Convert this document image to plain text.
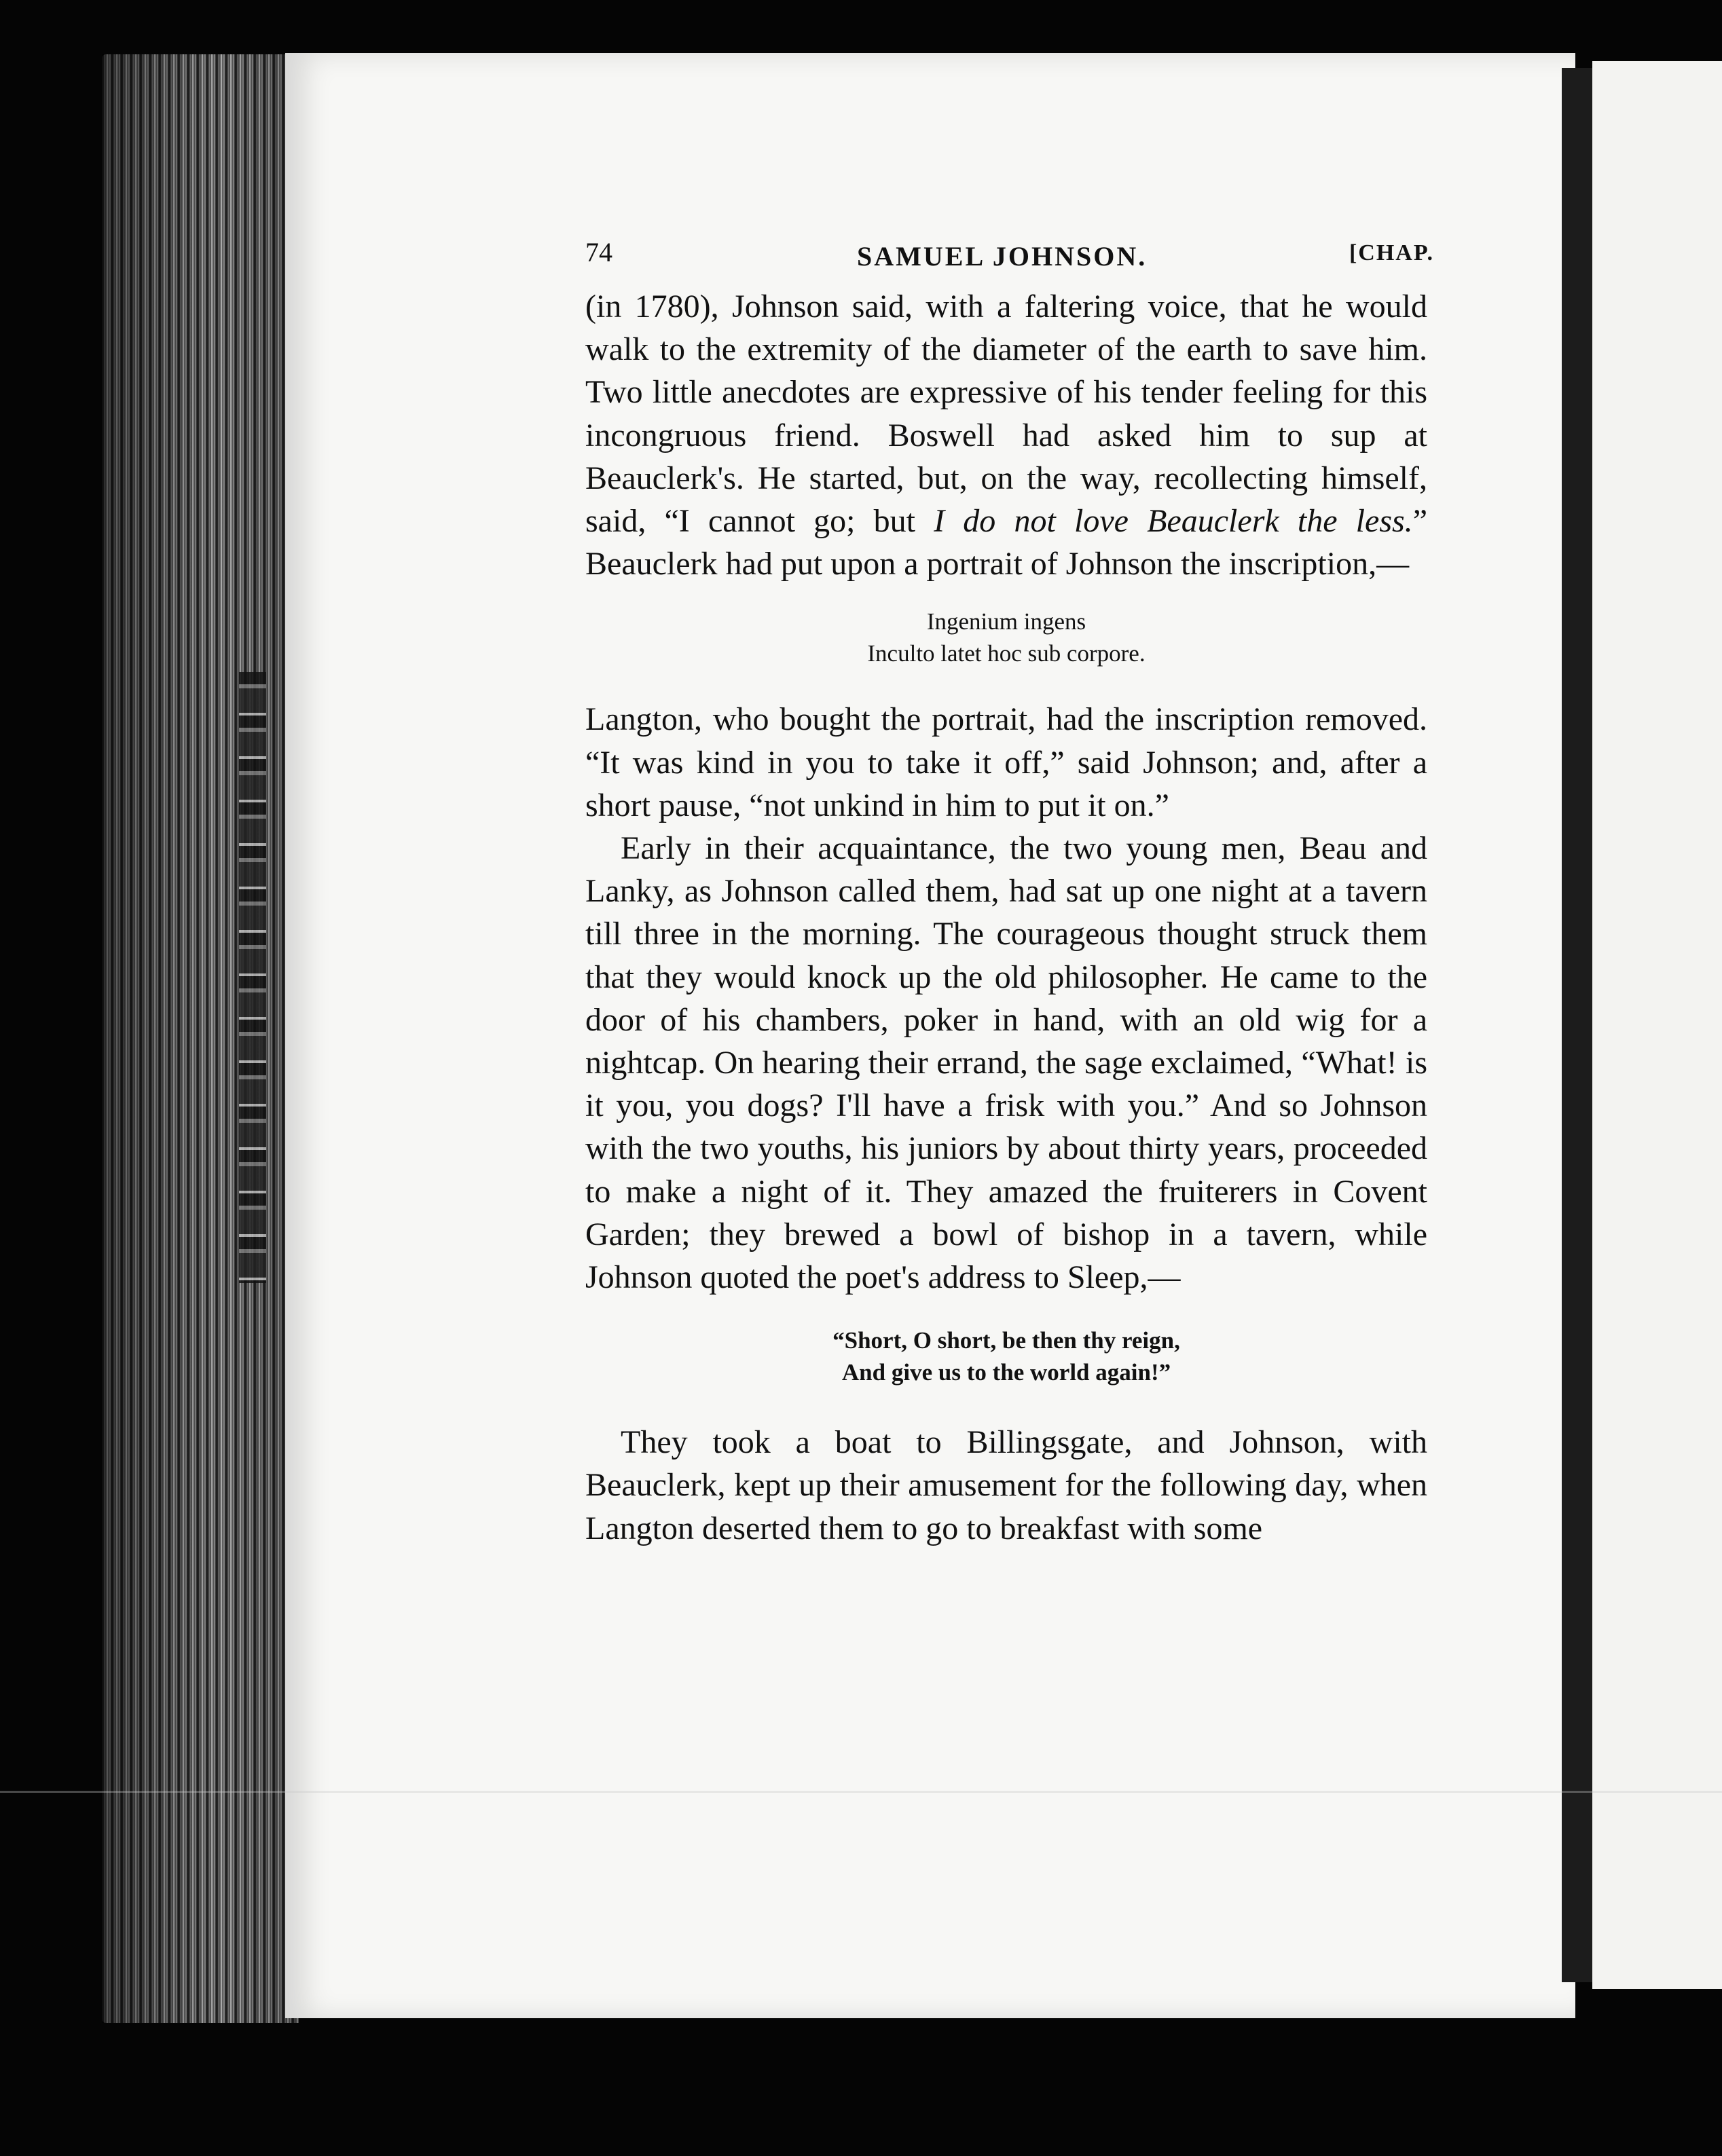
74	SAMUEL JOHNSON.	[CHAP.

(in 1780), Johnson said, with a faltering voice, that he would walk to the extremity of the diameter of the earth to save him. Two little anecdotes are expressive of his tender feeling for this incongruous friend. Boswell had asked him to sup at Beauclerk's. He started, but, on the way, recollecting himself, said, “I cannot go; but I do not love Beauclerk the less.” Beauclerk had put upon a portrait of Johnson the inscription,—

Ingenium ingens
Inculto latet hoc sub corpore.

Langton, who bought the portrait, had the inscription removed. “It was kind in you to take it off,” said Johnson; and, after a short pause, “not unkind in him to put it on.”

Early in their acquaintance, the two young men, Beau and Lanky, as Johnson called them, had sat up one night at a tavern till three in the morning. The courageous thought struck them that they would knock up the old philosopher. He came to the door of his chambers, poker in hand, with an old wig for a nightcap. On hearing their errand, the sage exclaimed, “What! is it you, you dogs? I'll have a frisk with you.” And so Johnson with the two youths, his juniors by about thirty years, proceeded to make a night of it. They amazed the fruiterers in Covent Garden; they brewed a bowl of bishop in a tavern, while Johnson quoted the poet's address to Sleep,—

“Short, O short, be then thy reign,
And give us to the world again!”

They took a boat to Billingsgate, and Johnson, with Beauclerk, kept up their amusement for the following day, when Langton deserted them to go to breakfast with some
